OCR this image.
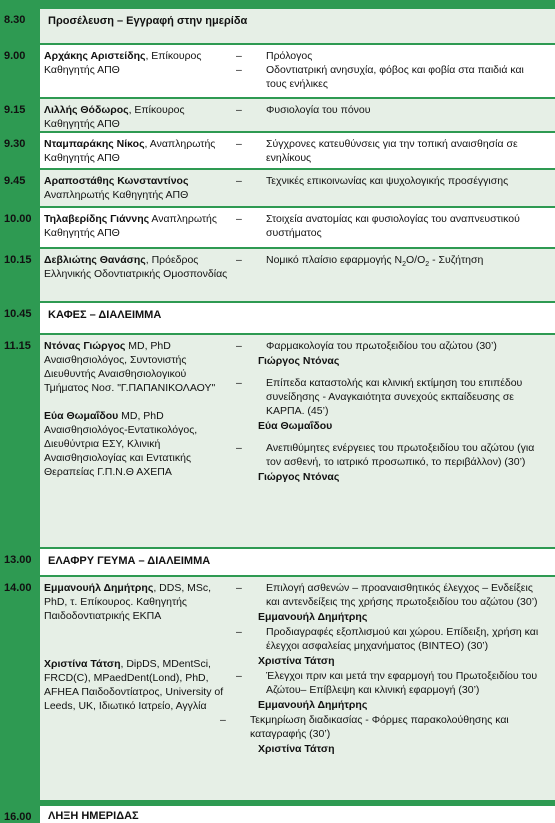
8.30	Προσέλευση – Εγγραφή στην ημερίδα
9.00	Αρχάκης Αριστείδης, Επίκουρος Καθηγητής ΑΠΘ
– Πρόλογος
– Οδοντιατρική ανησυχία, φόβος και φοβία στα παιδιά και τους ενήλικες
9.15	Λιλλής Θόδωρος, Επίκουρος Καθηγητής ΑΠΘ
– Φυσιολογία του πόνου
9.30	Νταμπαράκης Νίκος, Αναπληρωτής Καθηγητής ΑΠΘ
– Σύγχρονες κατευθύνσεις για την τοπική αναισθησία σε ενηλίκους
9.45	Αραποστάθης Κωνσταντίνος Αναπληρωτής Καθηγητής ΑΠΘ
– Τεχνικές επικοινωνίας και ψυχολογικής προσέγγισης
10.00	Τηλαβερίδης Γιάννης Αναπληρωτής Καθηγητής ΑΠΘ
– Στοιχεία ανατομίας και φυσιολογίας του αναπνευστικού συστήματος
10.15	Δεβλιώτης Θανάσης, Πρόεδρος Ελληνικής Οδοντιατρικής Ομοσπονδίας
– Νομικό πλαίσιο εφαρμογής $N_2O/O_2$ - Συζήτηση
10.45	ΚΑΦΕΣ – ΔΙΑΛΕΙΜΜΑ
11.15	Ντόνας Γιώργος MD, PhD Αναισθησιολόγος, Συντονιστής Διευθυντής Αναισθησιολογικού Τμήματος Νοσ. "Γ.ΠΑΠΑΝΙΚΟΛΑΟΥ"
Εύα Θωμαΐδου MD, PhD Αναισθησιολόγος-Εντατικολόγος, Διευθύντρια ΕΣΥ, Κλινική Αναισθησιολογίας και Εντατικής Θεραπείας Γ.Π.Ν.Θ ΑΧΕΠΑ
– Φαρμακολογία του πρωτοξειδίου του αζώτου (30’)
Γιώργος Ντόνας
– Επίπεδα καταστολής και κλινική εκτίμηση του επιπέδου συνείδησης - Αναγκαιότητα συνεχούς εκπαίδευσης σε ΚΑΡΠΑ. (45’)
Εύα Θωμαΐδου
– Ανεπιθύμητες ενέργειες του πρωτοξειδίου του αζώτου (για τον ασθενή, το ιατρικό προσωπικό, το περιβάλλον) (30’)
Γιώργος Ντόνας
13.00	ΕΛΑΦΡΥ ΓΕΥΜΑ – ΔΙΑΛΕΙΜΜΑ
14.00	Εμμανουήλ Δημήτρης, DDS, MSc, PhD, τ. Επίκουρος. Καθηγητής Παιδοδοντιατρικής ΕΚΠΑ
Χριστίνα Τάτση, DipDS, MDentSci, FRCD(C), MPaedDent(Lond), PhD, AFHEA Παιδοδοντίατρος, University of Leeds, UK, Ιδιωτικό Ιατρείο, Αγγλία
– Επιλογή ασθενών – προαναισθητικός έλεγχος – Ενδείξεις και αντενδείξεις της χρήσης πρωτοξειδίου του αζώτου (30’)
Εμμανουήλ Δημήτρης
– Προδιαγραφές εξοπλισμού και χώρου. Επίδειξη, χρήση και έλεγχοι ασφαλείας μηχανήματος (BINTEO) (30’)
Χριστίνα Τάτση
– Έλεγχοι πριν και μετά την εφαρμογή του Πρωτοξειδίου του Αζώτου– Επίβλεψη και κλινική εφαρμογή (30’)
Εμμανουήλ Δημήτρης
– Τεκμηρίωση διαδικασίας - Φόρμες παρακολούθησης και καταγραφής (30’)
Χριστίνα Τάτση
16.00	ΛΗΞΗ ΗΜΕΡΙΔΑΣ
